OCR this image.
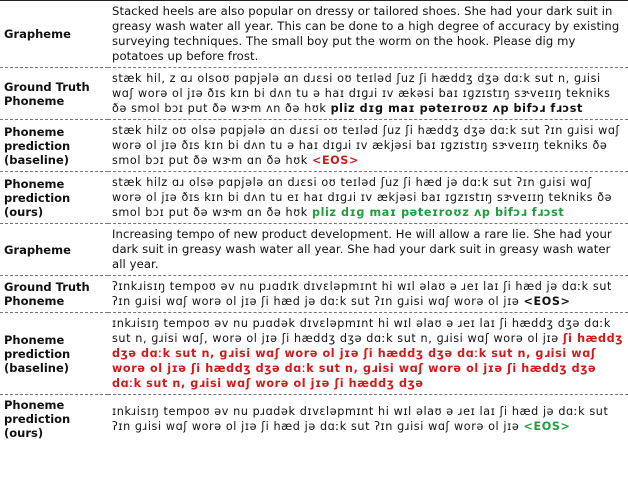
Grapheme	Stacked heels are also popular on dressy or tailored shoes. She had your dark suit in greasy wash water all year. This can be done to a high degree of accuracy by existing surveying techniques. The small boy put the worm on the hook. Please dig my potatoes up before frost.
Ground Truth Phoneme	stæk hil, z ɑɹ olsoʊ pɑpjələ ɑn dɹɛsi oʊ teɪləd ʃuz ʃi hæddʒ dʒə dɑːk sut n, ɡɹisi wɑʃ worə ol jɪə ðɪs kɪn bi dʌn tu ə haɪ dɪɡɹi ɪv ækəsi baɪ ɪɡzɪstɪŋ sɝveɪɪŋ tekniks ðə smol bɔɪ put ðə wɝm ʌn ðə hʊk pliz dɪɡ maɪ pəteɪroʊz ʌp bifɔɹ fɹɔst
Phoneme prediction (baseline)	stæk hilz oʊ olsə pɑpjələ ɑn dɹɛsi oʊ teɪləd ʃuz ʃi hæddʒ dʒə dɑːk sut ʔɪn ɡɹisi wɑʃ worə ol jɪə ðɪs kɪn bi dʌn tu ə haɪ dɪɡɹi ɪv ækjəsi baɪ ɪɡzɪstɪŋ sɝveɪɪŋ tekniks ðə smol bɔɪ put ðə wɝm ɑn ðə hʊk <EOS>
Phoneme prediction (ours)	stæk hilz ɑɹ olsə pɑpjələ ɑn dɹɛsi oʊ teɪləd ʃuz ʃi hæd jə dɑːk sut ʔɪn ɡɹisi wɑʃ worə ol jɪə ðɪs kɪn bi dʌn tu eɪ haɪ dɪɡɹi ɪv ækjəsi baɪ ɪɡzɪstɪŋ sɝveɪɪŋ tekniks ðə smol bɔɪ put ðə wɝm ɑn ðə hʊk pliz dɪɡ maɪ pəteɪroʊz ʌp bifɔɹ fɹɔst
Grapheme	Increasing tempo of new product development. He will allow a rare lie. She had your dark suit in greasy wash water all year. She had your dark suit in greasy wash water all year.
Ground Truth Phoneme	ʔɪnkɹisɪŋ tempoʊ əv nu pɹɑdɪk dɪvɛləpmɪnt hi wɪl əlaʊ ə ɹeɪ laɪ ʃi hæd jə dɑːk sut ʔɪn ɡɹisi wɑʃ worə ol jɪə ʃi hæd jə dɑːk sut ʔɪn ɡɹisi wɑʃ worə ol jɪə <EOS>
Phoneme prediction (baseline)	ɪnkɹisɪŋ tempoʊ əv nu pɹɑdək dɪvɛləpmɪnt hi wɪl əlaʊ ə ɹeɪ laɪ ʃi hæddʒ dʒə dɑːk sut n, ɡɹisi wɑʃ, worə ol jɪə ʃi hæddʒ dʒə dɑːk sut n, ɡɹisi wɑʃ worə ol jɪə ʃi hæddʒ dʒə dɑːk sut n, ɡɹisi wɑʃ worə ol jɪə ʃi hæddʒ dʒə dɑːk sut n, ɡɹisi wɑʃ worə ol jɪə ʃi hæddʒ dʒə dɑːk sut n, ɡɹisi wɑʃ worə ol jɪə ʃi hæddʒ dʒə dɑːk sut n, ɡɹisi wɑʃ worə ol jɪə ʃi hæddʒ dʒə
Phoneme prediction (ours)	ɪnkɹisɪŋ tempoʊ əv nu pɹɑdək dɪvɛləpmɪnt hi wɪl əlaʊ ə ɹeɪ laɪ ʃi hæd jə dɑːk sut ʔɪn ɡɹisi wɑʃ worə ol jɪə ʃi hæd jə dɑːk sut ʔɪn ɡɹisi wɑʃ worə ol jɪə <EOS>
